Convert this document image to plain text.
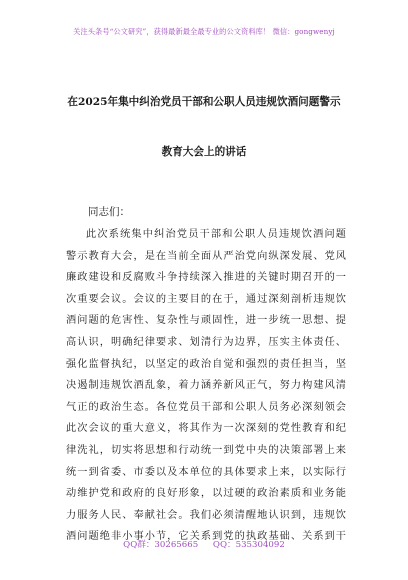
关注头条号“公文研究”，获得最新最全最专业的公文资料库！ 微信：gongwenyj
在2025年集中纠治党员干部和公职人员违规饮酒问题警示
教育大会上的讲话
同志们：
此次系统集中纠治党员干部和公职人员违规饮酒问题
警示教育大会，是在当前全面从严治党向纵深发展、党风
廉政建设和反腐败斗争持续深入推进的关键时期召开的一
次重要会议。会议的主要目的在于，通过深刻剖析违规饮
酒问题的危害性、复杂性与顽固性，进一步统一思想、提
高认识，明确纪律要求、划清行为边界，压实主体责任、
强化监督执纪，以坚定的政治自觉和强烈的责任担当，坚
决遏制违规饮酒乱象，着力涵养新风正气，努力构建风清
气正的政治生态。各位党员干部和公职人员务必深刻领会
此次会议的重大意义，将其作为一次深刻的党性教育和纪
律洗礼，切实将思想和行动统一到党中央的决策部署上来
统一到省委、市委以及本单位的具体要求上来，以实际行
动维护党和政府的良好形象，以过硬的政治素质和业务能
力服务人民、奉献社会。我们必须清醒地认识到，违规饮
酒问题绝非小事小节，它关系到党的执政基础、关系到干
QQ群：30265665 QQ：535304092
